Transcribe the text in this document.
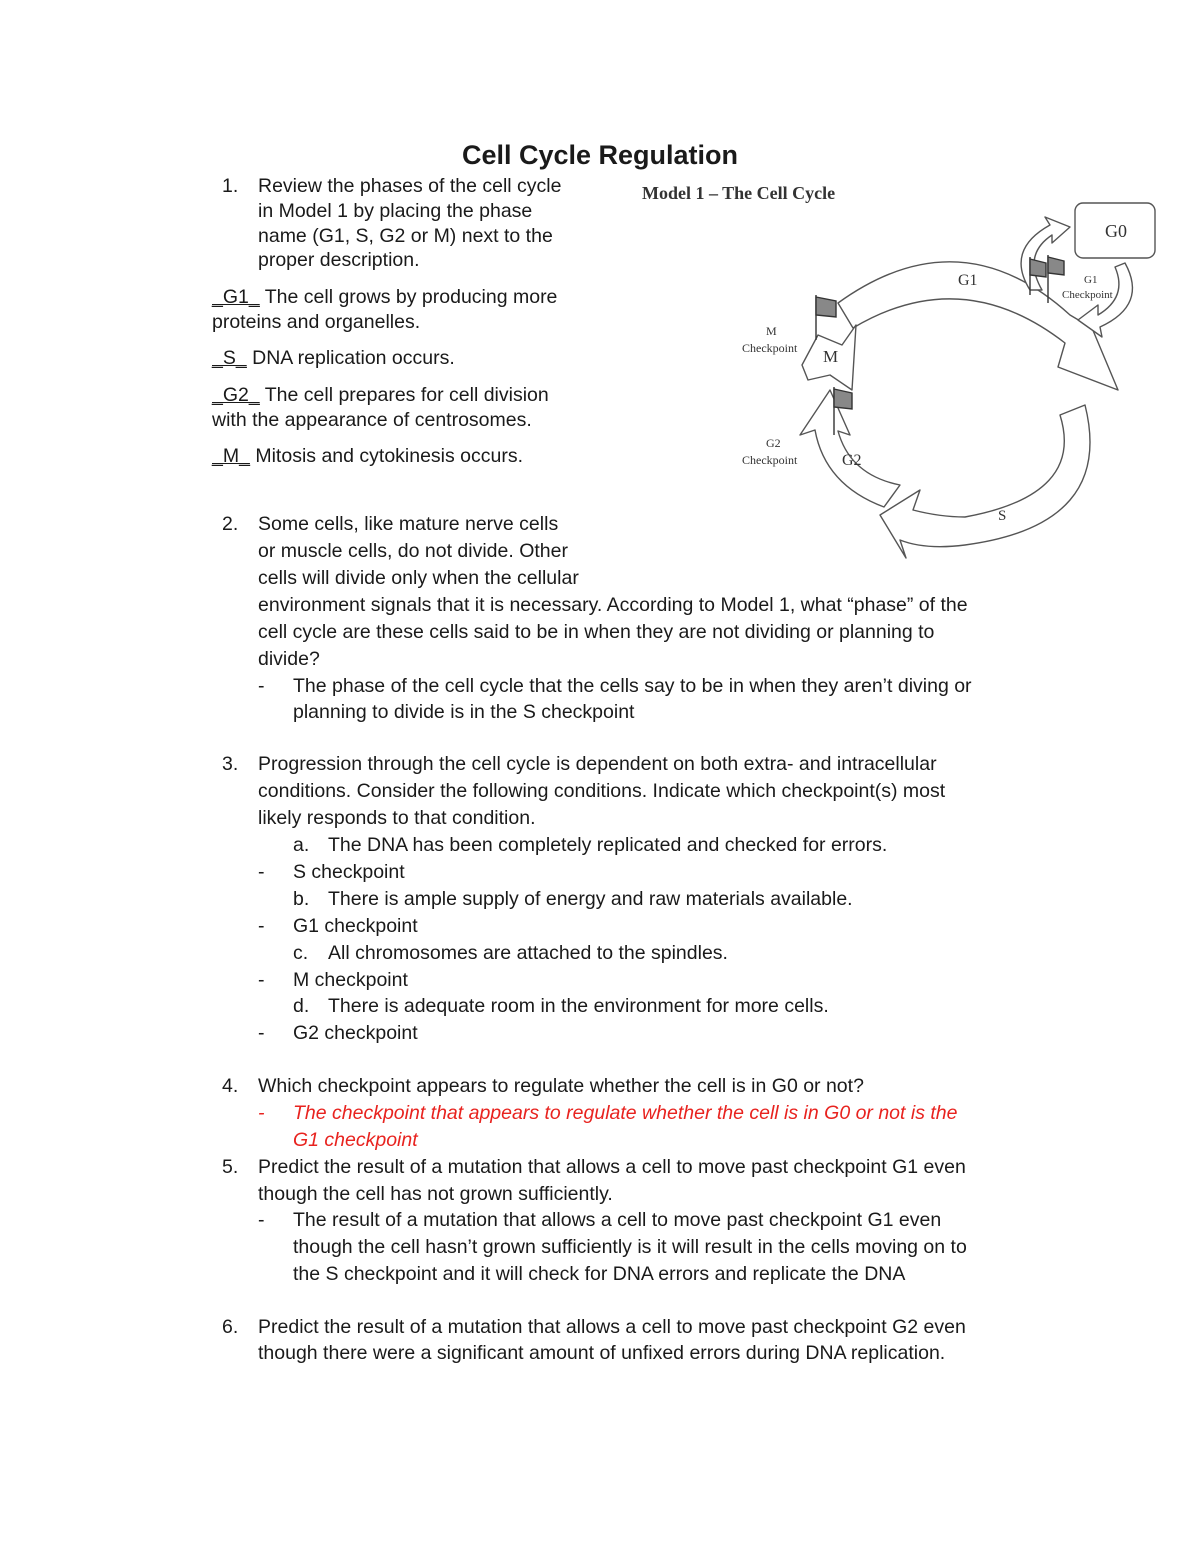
Cell Cycle Regulation
1. Review the phases of the cell cycle
in Model 1 by placing the phase
name (G1, S, G2 or M) next to the
proper description.
_G1_ The cell grows by producing more
proteins and organelles.
_S_ DNA replication occurs.
_G2_ The cell prepares for cell division
with the appearance of centrosomes.
_M_ Mitosis and cytokinesis occurs.
Model 1 – The Cell Cycle
G0
G1
M
G2
S
G1 Checkpoint
M Checkpoint
G2 Checkpoint
2. Some cells, like mature nerve cells
or muscle cells, do not divide. Other
cells will divide only when the cellular
environment signals that it is necessary. According to Model 1, what “phase” of the
cell cycle are these cells said to be in when they are not dividing or planning to
divide?
- The phase of the cell cycle that the cells say to be in when they aren’t diving or
planning to divide is in the S checkpoint
3. Progression through the cell cycle is dependent on both extra- and intracellular
conditions. Consider the following conditions. Indicate which checkpoint(s) most
likely responds to that condition.
a. The DNA has been completely replicated and checked for errors.
- S checkpoint
b. There is ample supply of energy and raw materials available.
- G1 checkpoint
c. All chromosomes are attached to the spindles.
- M checkpoint
d. There is adequate room in the environment for more cells.
- G2 checkpoint
4. Which checkpoint appears to regulate whether the cell is in G0 or not?
- The checkpoint that appears to regulate whether the cell is in G0 or not is the
G1 checkpoint
5. Predict the result of a mutation that allows a cell to move past checkpoint G1 even
though the cell has not grown sufficiently.
- The result of a mutation that allows a cell to move past checkpoint G1 even
though the cell hasn’t grown sufficiently is it will result in the cells moving on to
the S checkpoint and it will check for DNA errors and replicate the DNA
6. Predict the result of a mutation that allows a cell to move past checkpoint G2 even
though there were a significant amount of unfixed errors during DNA replication.
